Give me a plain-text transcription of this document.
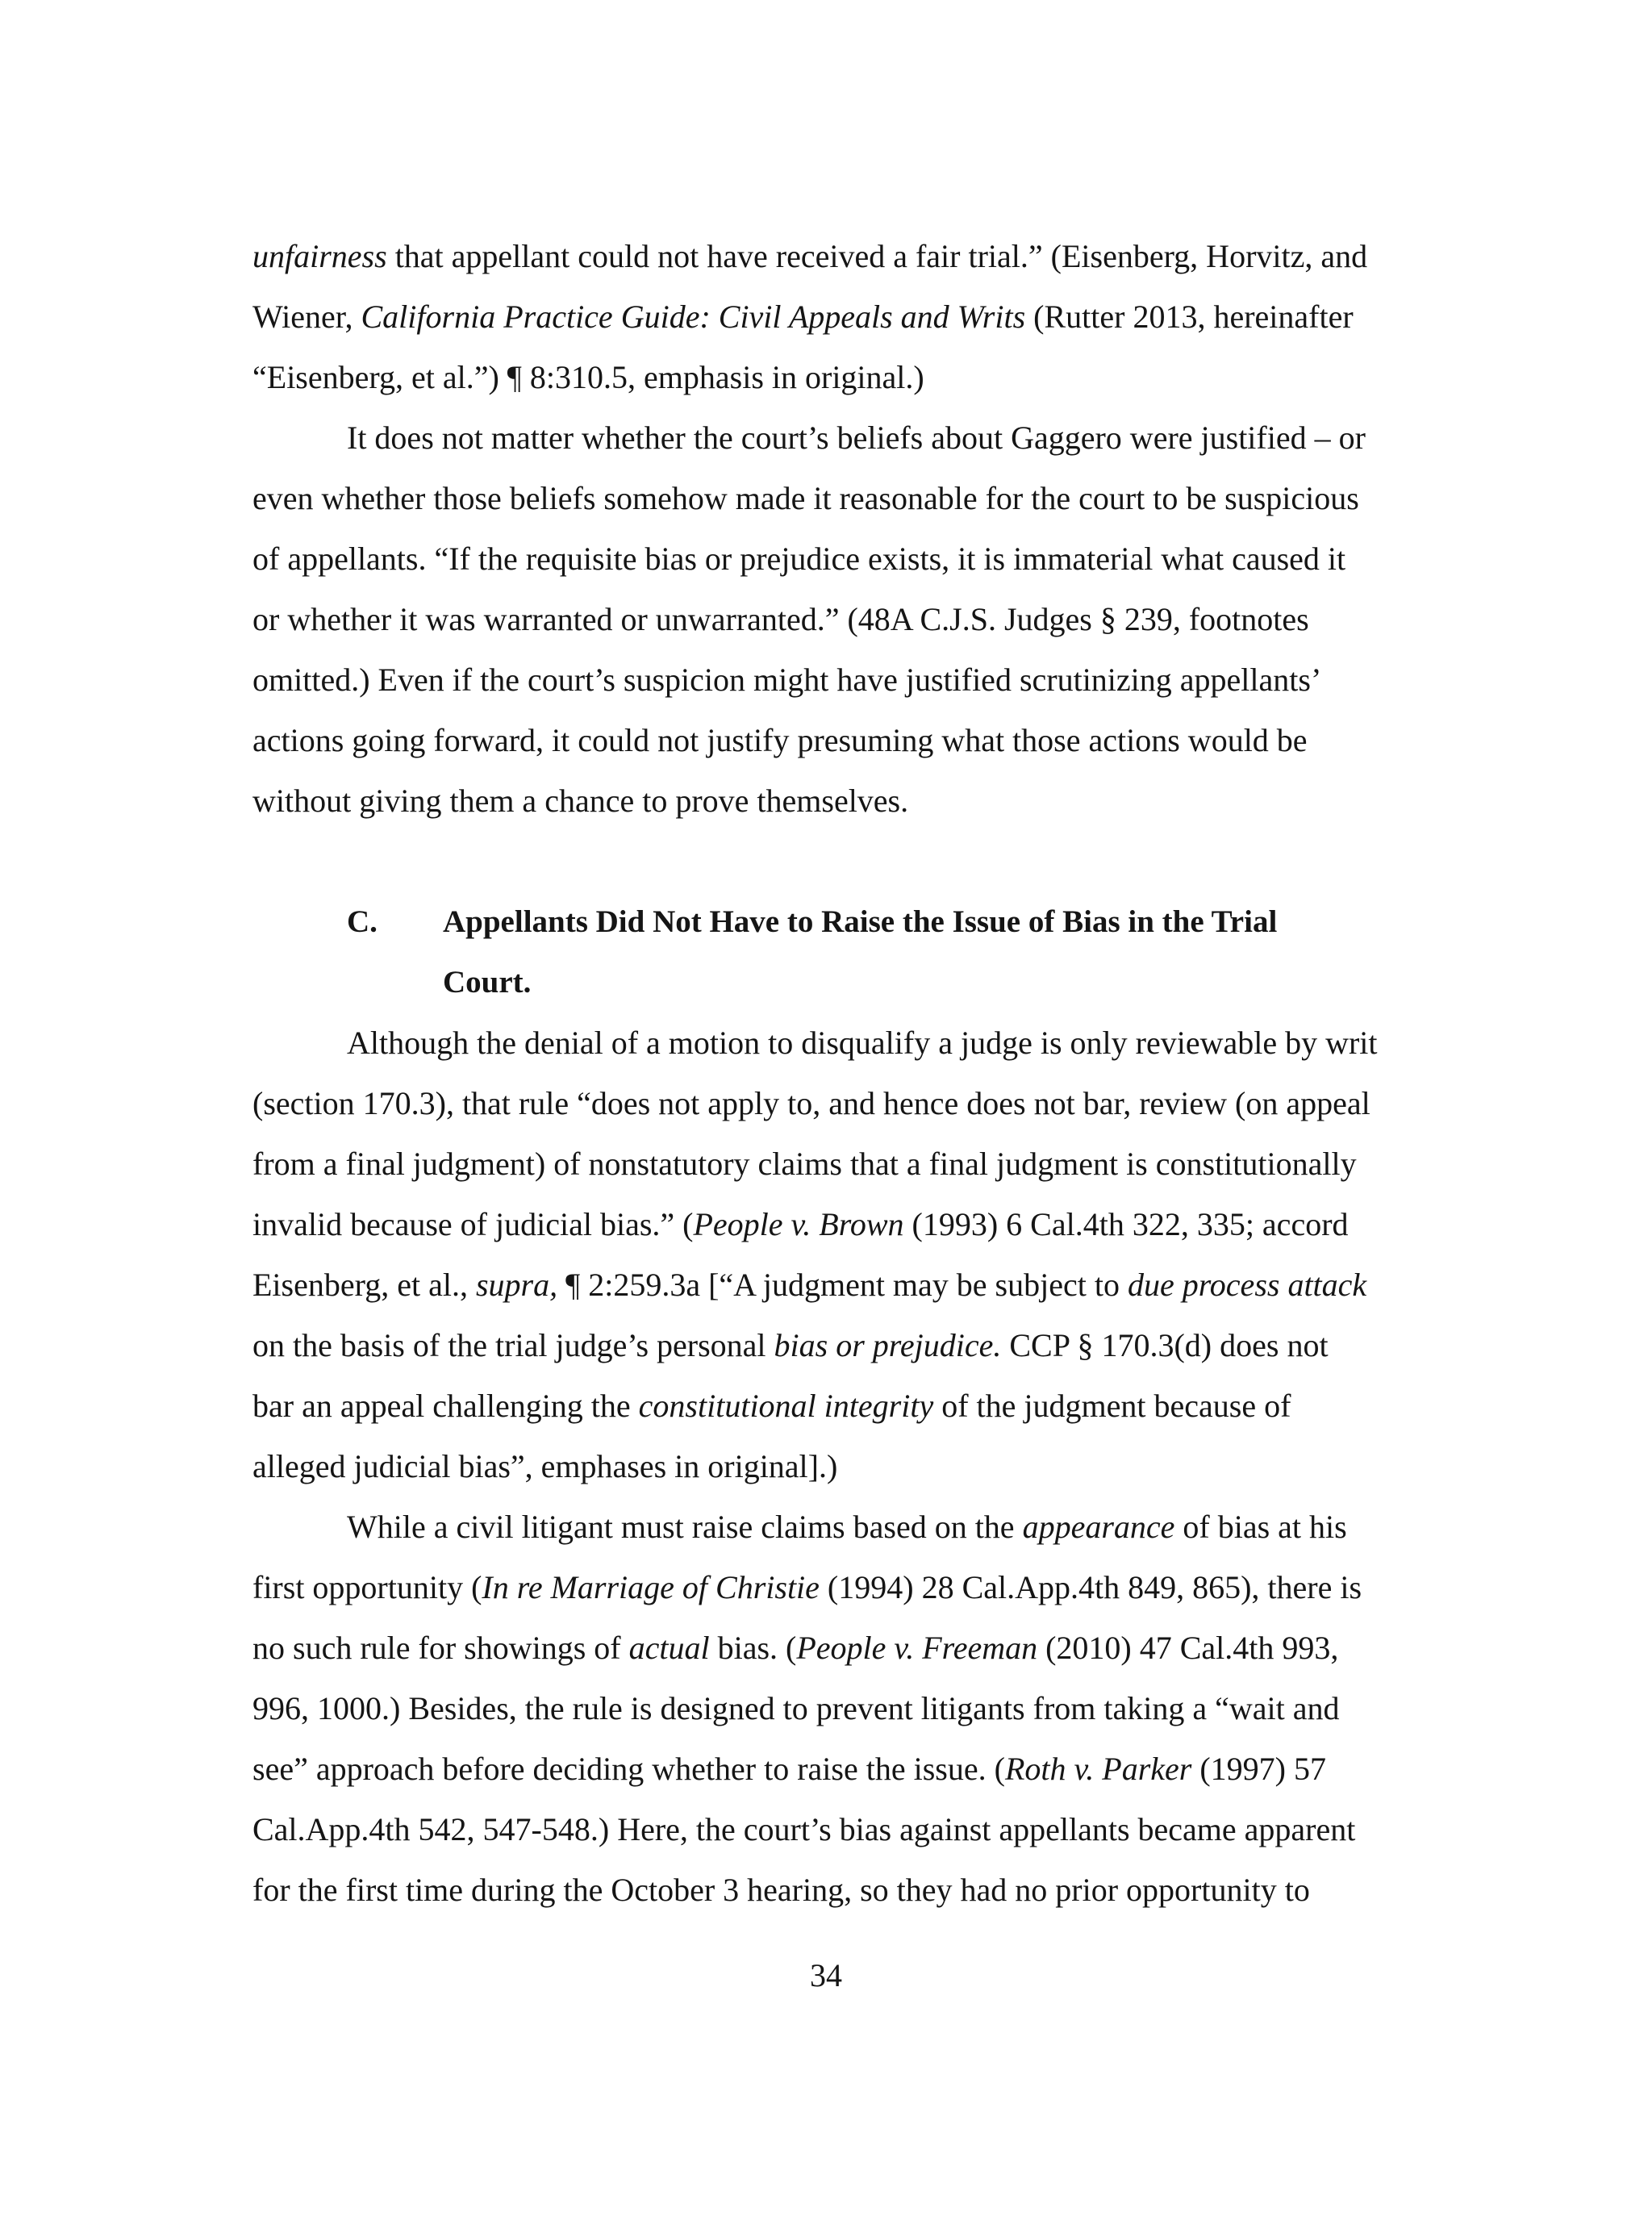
unfairness that appellant could not have received a fair trial.” (Eisenberg, Horvitz, and
Wiener, California Practice Guide: Civil Appeals and Writs (Rutter 2013, hereinafter
“Eisenberg, et al.”) ¶ 8:310.5, emphasis in original.)
It does not matter whether the court’s beliefs about Gaggero were justified – or
even whether those beliefs somehow made it reasonable for the court to be suspicious
of appellants. “If the requisite bias or prejudice exists, it is immaterial what caused it
or whether it was warranted or unwarranted.” (48A C.J.S. Judges § 239, footnotes
omitted.) Even if the court’s suspicion might have justified scrutinizing appellants’
actions going forward, it could not justify presuming what those actions would be
without giving them a chance to prove themselves.
C. Appellants Did Not Have to Raise the Issue of Bias in the Trial
Court.
Although the denial of a motion to disqualify a judge is only reviewable by writ
(section 170.3), that rule “does not apply to, and hence does not bar, review (on appeal
from a final judgment) of nonstatutory claims that a final judgment is constitutionally
invalid because of judicial bias.” (People v. Brown (1993) 6 Cal.4th 322, 335; accord
Eisenberg, et al., supra, ¶ 2:259.3a [“A judgment may be subject to due process attack
on the basis of the trial judge’s personal bias or prejudice. CCP § 170.3(d) does not
bar an appeal challenging the constitutional integrity of the judgment because of
alleged judicial bias”, emphases in original].)
While a civil litigant must raise claims based on the appearance of bias at his
first opportunity (In re Marriage of Christie (1994) 28 Cal.App.4th 849, 865), there is
no such rule for showings of actual bias. (People v. Freeman (2010) 47 Cal.4th 993,
996, 1000.) Besides, the rule is designed to prevent litigants from taking a “wait and
see” approach before deciding whether to raise the issue. (Roth v. Parker (1997) 57
Cal.App.4th 542, 547-548.) Here, the court’s bias against appellants became apparent
for the first time during the October 3 hearing, so they had no prior opportunity to
34
